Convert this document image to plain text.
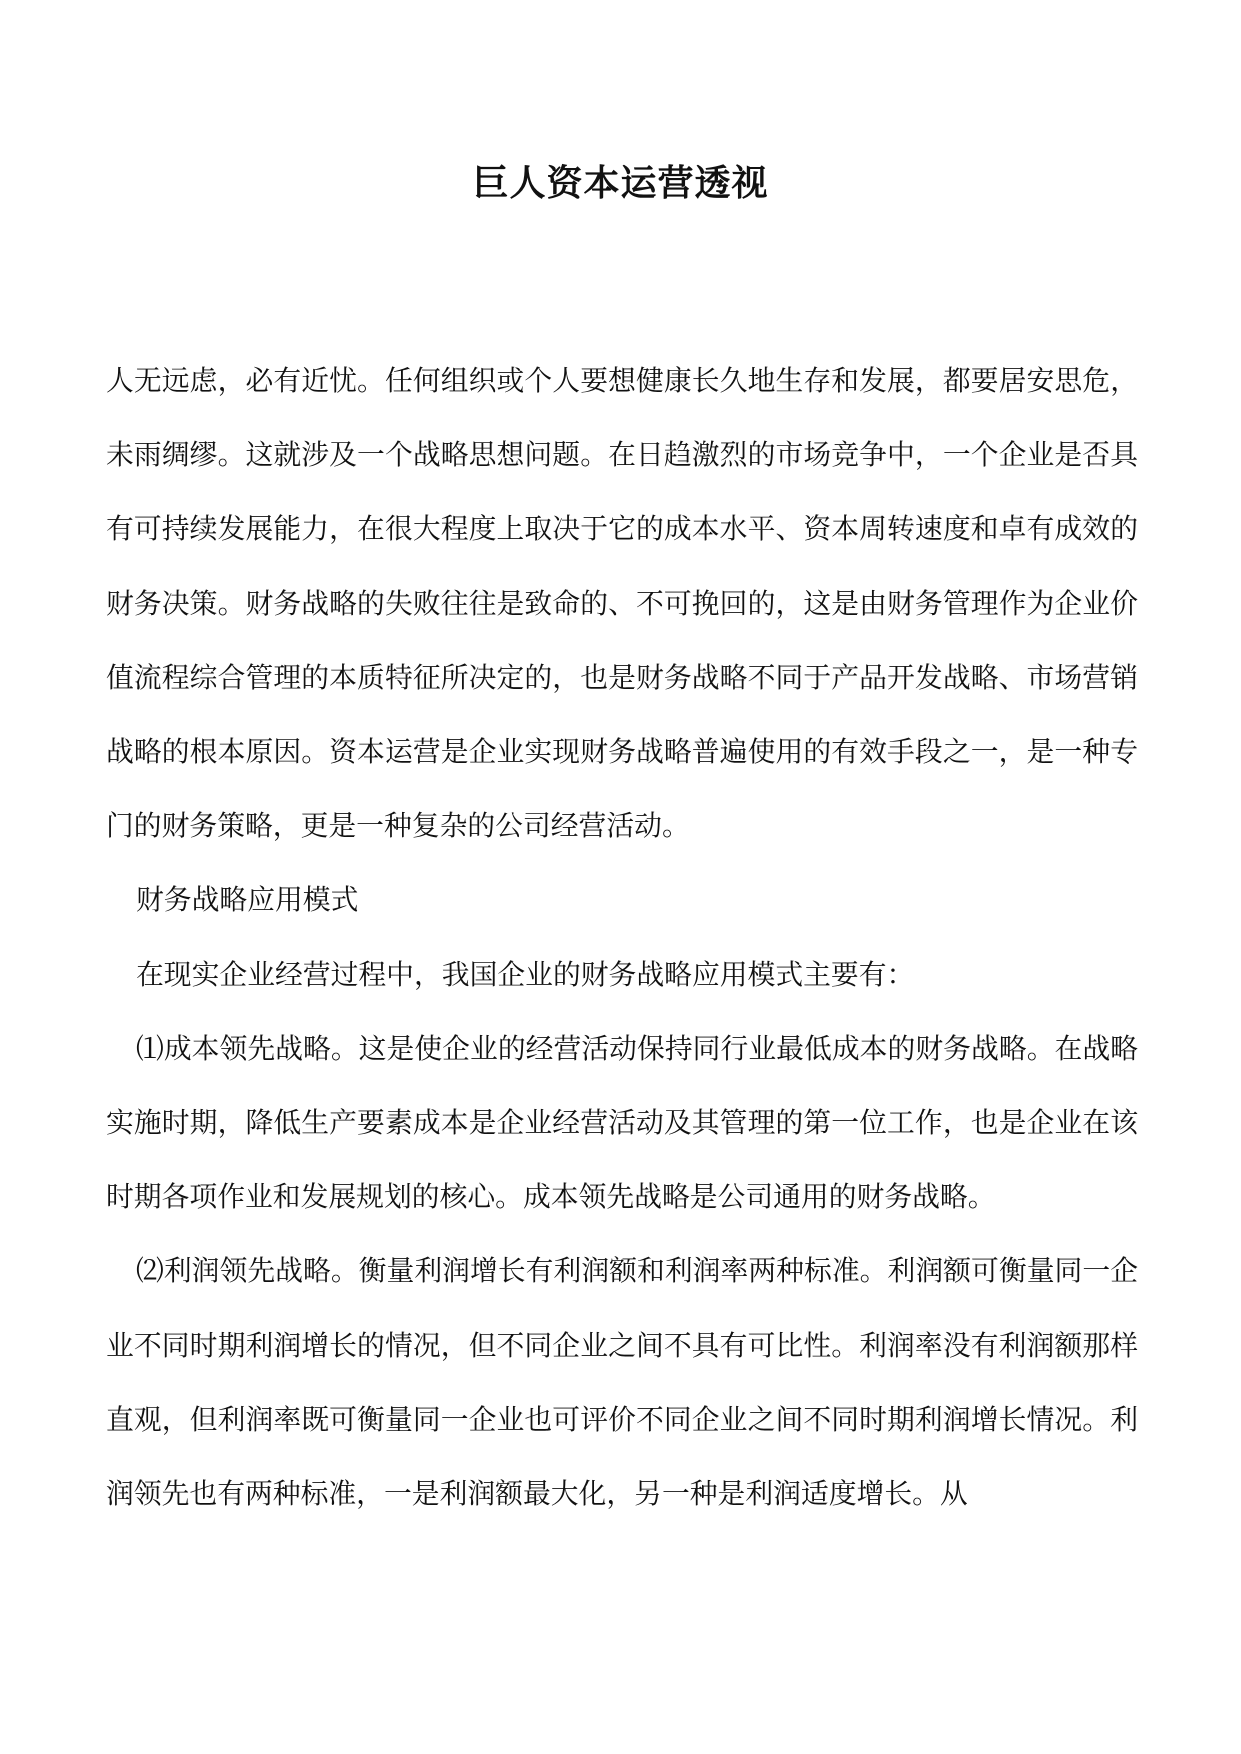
巨人资本运营透视

人无远虑，必有近忧。任何组织或个人要想健康长久地生存和发展，都要居安思危，未雨绸缪。这就涉及一个战略思想问题。在日趋激烈的市场竞争中，一个企业是否具有可持续发展能力，在很大程度上取决于它的成本水平、资本周转速度和卓有成效的财务决策。财务战略的失败往往是致命的、不可挽回的，这是由财务管理作为企业价值流程综合管理的本质特征所决定的，也是财务战略不同于产品开发战略、市场营销战略的根本原因。资本运营是企业实现财务战略普遍使用的有效手段之一，是一种专门的财务策略，更是一种复杂的公司经营活动。

财务战略应用模式

在现实企业经营过程中，我国企业的财务战略应用模式主要有：

⑴成本领先战略。这是使企业的经营活动保持同行业最低成本的财务战略。在战略实施时期，降低生产要素成本是企业经营活动及其管理的第一位工作，也是企业在该时期各项作业和发展规划的核心。成本领先战略是公司通用的财务战略。

⑵利润领先战略。衡量利润增长有利润额和利润率两种标准。利润额可衡量同一企业不同时期利润增长的情况，但不同企业之间不具有可比性。利润率没有利润额那样直观，但利润率既可衡量同一企业也可评价不同企业之间不同时期利润增长情况。利润领先也有两种标准，一是利润额最大化，另一种是利润适度增长。从
